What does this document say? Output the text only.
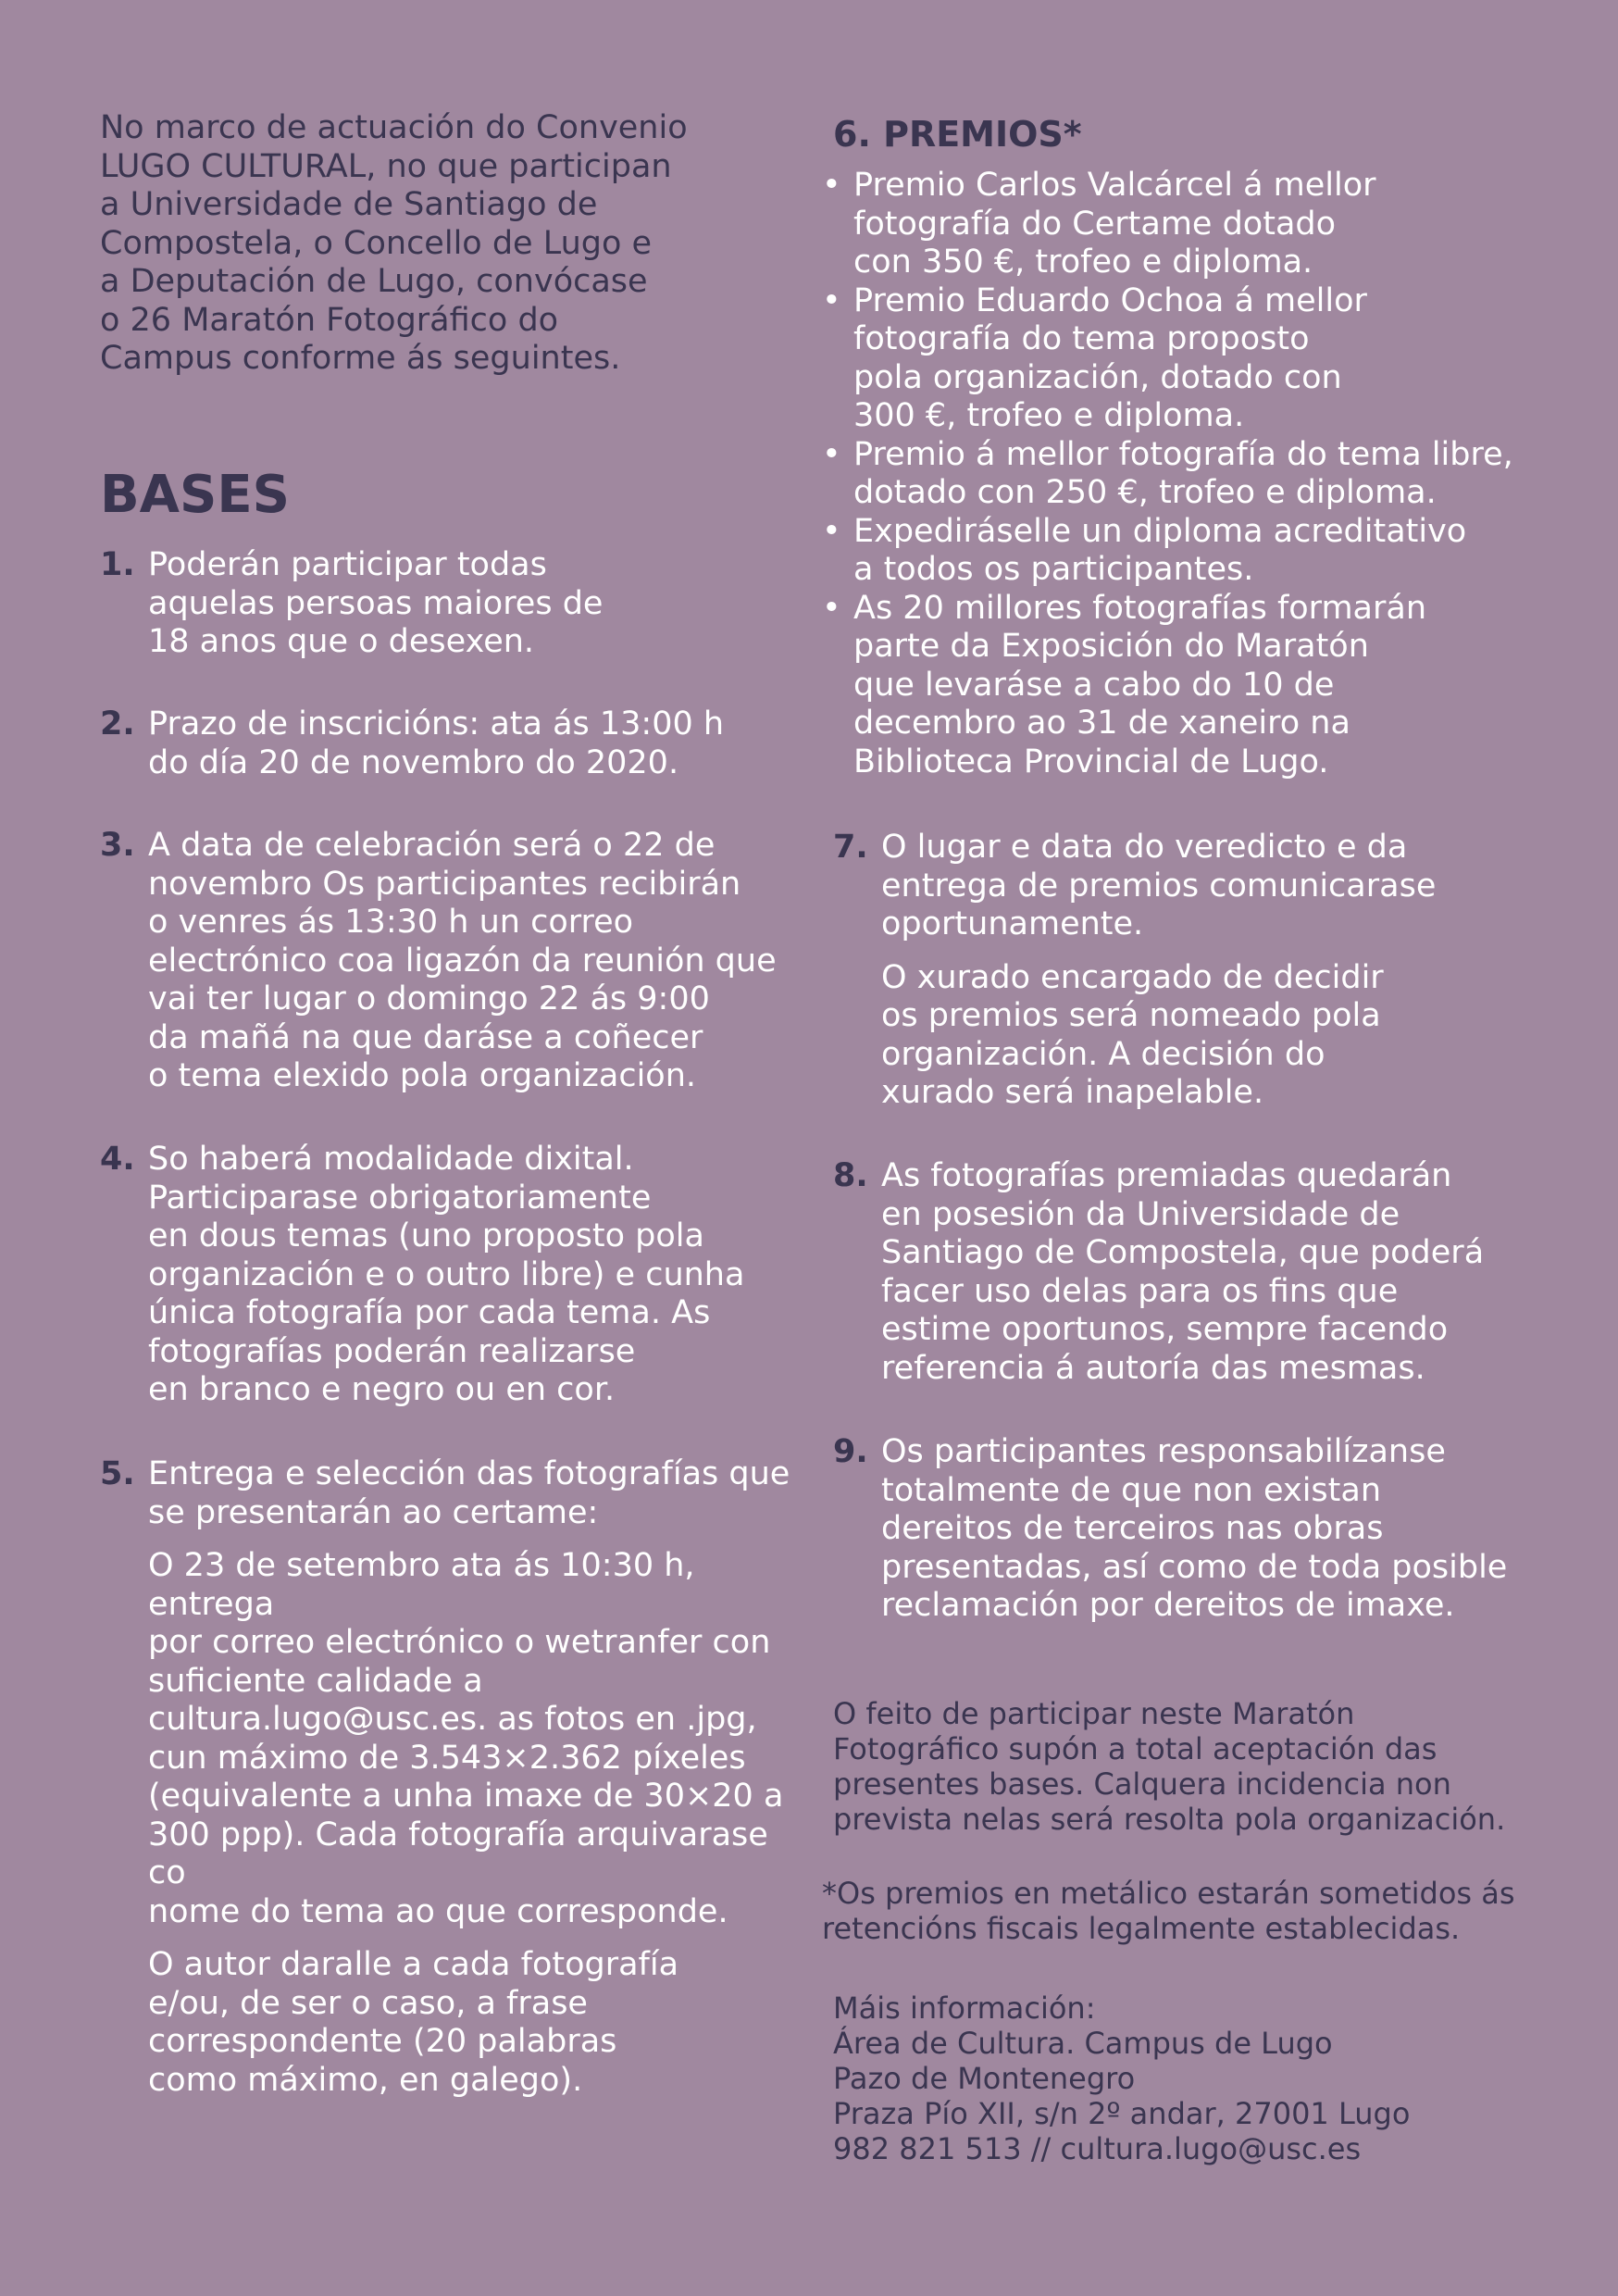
No marco de actuación do Convenio
LUGO CULTURAL, no que participan
a Universidade de Santiago de
Compostela, o Concello de Lugo e
a Deputación de Lugo, convócase
o 26 Maratón Fotográfico do
Campus conforme ás seguintes.

BASES
1. Poderán participar todas
aquelas persoas maiores de
18 anos que o desexen.

2. Prazo de inscricións: ata ás 13:00 h
do día 20 de novembro do 2020.

3. A data de celebración será o 22 de
novembro Os participantes recibirán
o venres ás 13:30 h un correo
electrónico coa ligazón da reunión que
vai ter lugar o domingo 22 ás 9:00
da mañá na que daráse a coñecer
o tema elexido pola organización.

4. So haberá modalidade dixital.
Participarase obrigatoriamente
en dous temas (uno proposto pola
organización e o outro libre) e cunha
única fotografía por cada tema. As
fotografías poderán realizarse
en branco e negro ou en cor.

5. Entrega e selección das fotografías que
se presentarán ao certame:

O 23 de setembro ata ás 10:30 h, entrega
por correo electrónico o wetranfer con
suficiente calidade a
cultura.lugo@usc.es. as fotos en .jpg,
cun máximo de 3.543×2.362 píxeles
(equivalente a unha imaxe de 30×20 a
300 ppp). Cada fotografía arquivarase co
nome do tema ao que corresponde.

O autor daralle a cada fotografía
e/ou, de ser o caso, a frase
correspondente (20 palabras
como máximo, en galego).

6. PREMIOS*
• Premio Carlos Valcárcel á mellor
fotografía do Certame dotado
con 350 €, trofeo e diploma.
• Premio Eduardo Ochoa á mellor
fotografía do tema proposto
pola organización, dotado con
300 €, trofeo e diploma.
• Premio á mellor fotografía do tema libre,
dotado con 250 €, trofeo e diploma.
• Expediráselle un diploma acreditativo
a todos os participantes.
• As 20 millores fotografías formarán
parte da Exposición do Maratón
que levaráse a cabo do 10 de
decembro ao 31 de xaneiro na
Biblioteca Provincial de Lugo.
7. O lugar e data do veredicto e da
entrega de premios comunicarase
oportunamente.

O xurado encargado de decidir
os premios será nomeado pola
organización. A decisión do
xurado será inapelable.

8. As fotografías premiadas quedarán
en posesión da Universidade de
Santiago de Compostela, que poderá
facer uso delas para os fins que
estime oportunos, sempre facendo
referencia á autoría das mesmas.

9. Os participantes responsabilízanse
totalmente de que non existan
dereitos de terceiros nas obras
presentadas, así como de toda posible
reclamación por dereitos de imaxe.

O feito de participar neste Maratón
Fotográfico supón a total aceptación das
presentes bases. Calquera incidencia non
prevista nelas será resolta pola organización.

*Os premios en metálico estarán sometidos ás
retencións fiscais legalmente establecidas.

Máis información:
Área de Cultura. Campus de Lugo
Pazo de Montenegro
Praza Pío XII, s/n 2º andar, 27001 Lugo
982 821 513 // cultura.lugo@usc.es
